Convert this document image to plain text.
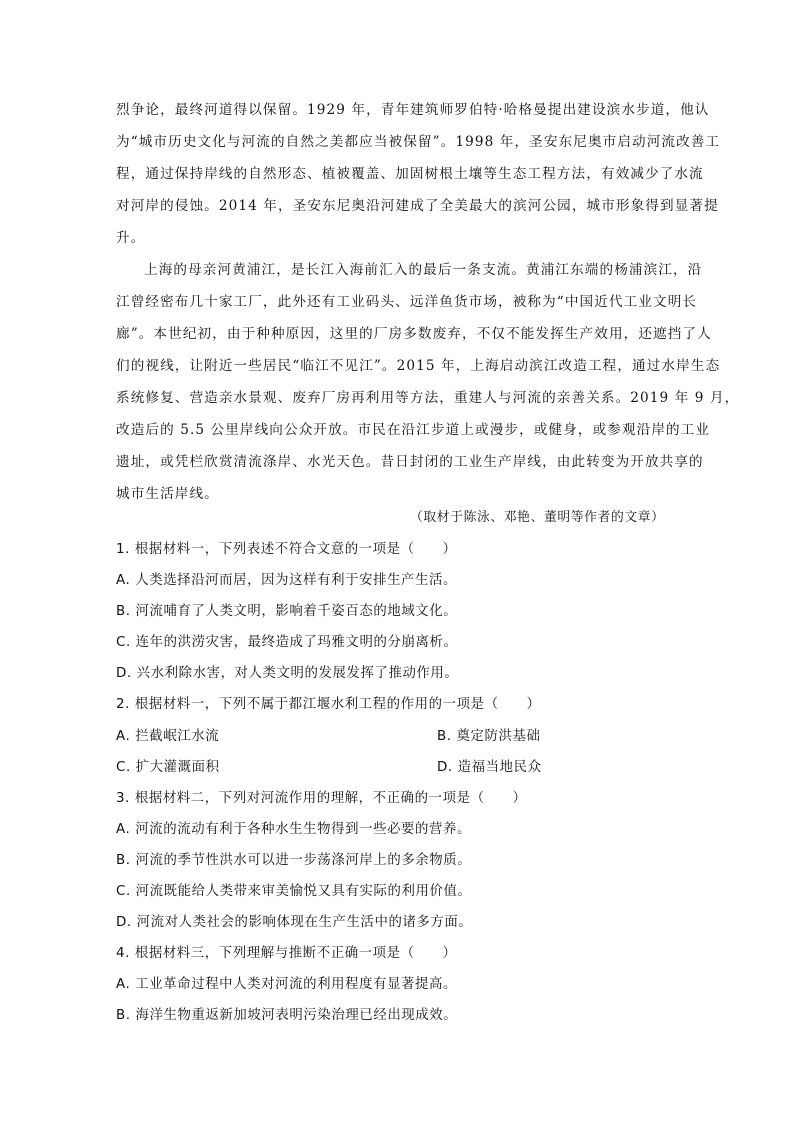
烈争论，最终河道得以保留。1929 年，青年建筑师罗伯特·哈格曼提出建设滨水步道，他认
为“城市历史文化与河流的自然之美都应当被保留”。1998 年，圣安东尼奥市启动河流改善工
程，通过保持岸线的自然形态、植被覆盖、加固树根土壤等生态工程方法，有效减少了水流
对河岸的侵蚀。2014 年，圣安东尼奥沿河建成了全美最大的滨河公园，城市形象得到显著提
升。
上海的母亲河黄浦江，是长江入海前汇入的最后一条支流。黄浦江东端的杨浦滨江，沿
江曾经密布几十家工厂，此外还有工业码头、远洋鱼货市场，被称为“中国近代工业文明长
廊”。本世纪初，由于种种原因，这里的厂房多数废弃，不仅不能发挥生产效用，还遮挡了人
们的视线，让附近一些居民“临江不见江”。2015 年，上海启动滨江改造工程，通过水岸生态
系统修复、营造亲水景观、废弃厂房再利用等方法，重建人与河流的亲善关系。2019 年 9 月，
改造后的 5.5 公里岸线向公众开放。市民在沿江步道上或漫步，或健身，或参观沿岸的工业
遗址，或凭栏欣赏清流涤岸、水光天色。昔日封闭的工业生产岸线，由此转变为开放共享的
城市生活岸线。
（取材于陈泳、邓艳、董明等作者的文章）
1. 根据材料一，下列表述不符合文意的一项是（　　）
A. 人类选择沿河而居，因为这样有利于安排生产生活。
B. 河流哺育了人类文明，影响着千姿百态的地域文化。
C. 连年的洪涝灾害，最终造成了玛雅文明的分崩离析。
D. 兴水利除水害，对人类文明的发展发挥了推动作用。
2. 根据材料一，下列不属于都江堰水利工程的作用的一项是（　　）
A. 拦截岷江水流	B. 奠定防洪基础
C. 扩大灌溉面积	D. 造福当地民众
3. 根据材料二，下列对河流作用的理解，不正确的一项是（　　）
A. 河流的流动有利于各种水生生物得到一些必要的营养。
B. 河流的季节性洪水可以进一步荡涤河岸上的多余物质。
C. 河流既能给人类带来审美愉悦又具有实际的利用价值。
D. 河流对人类社会的影响体现在生产生活中的诸多方面。
4. 根据材料三，下列理解与推断不正确一项是（　　）
A. 工业革命过程中人类对河流的利用程度有显著提高。
B. 海洋生物重返新加坡河表明污染治理已经出现成效。
